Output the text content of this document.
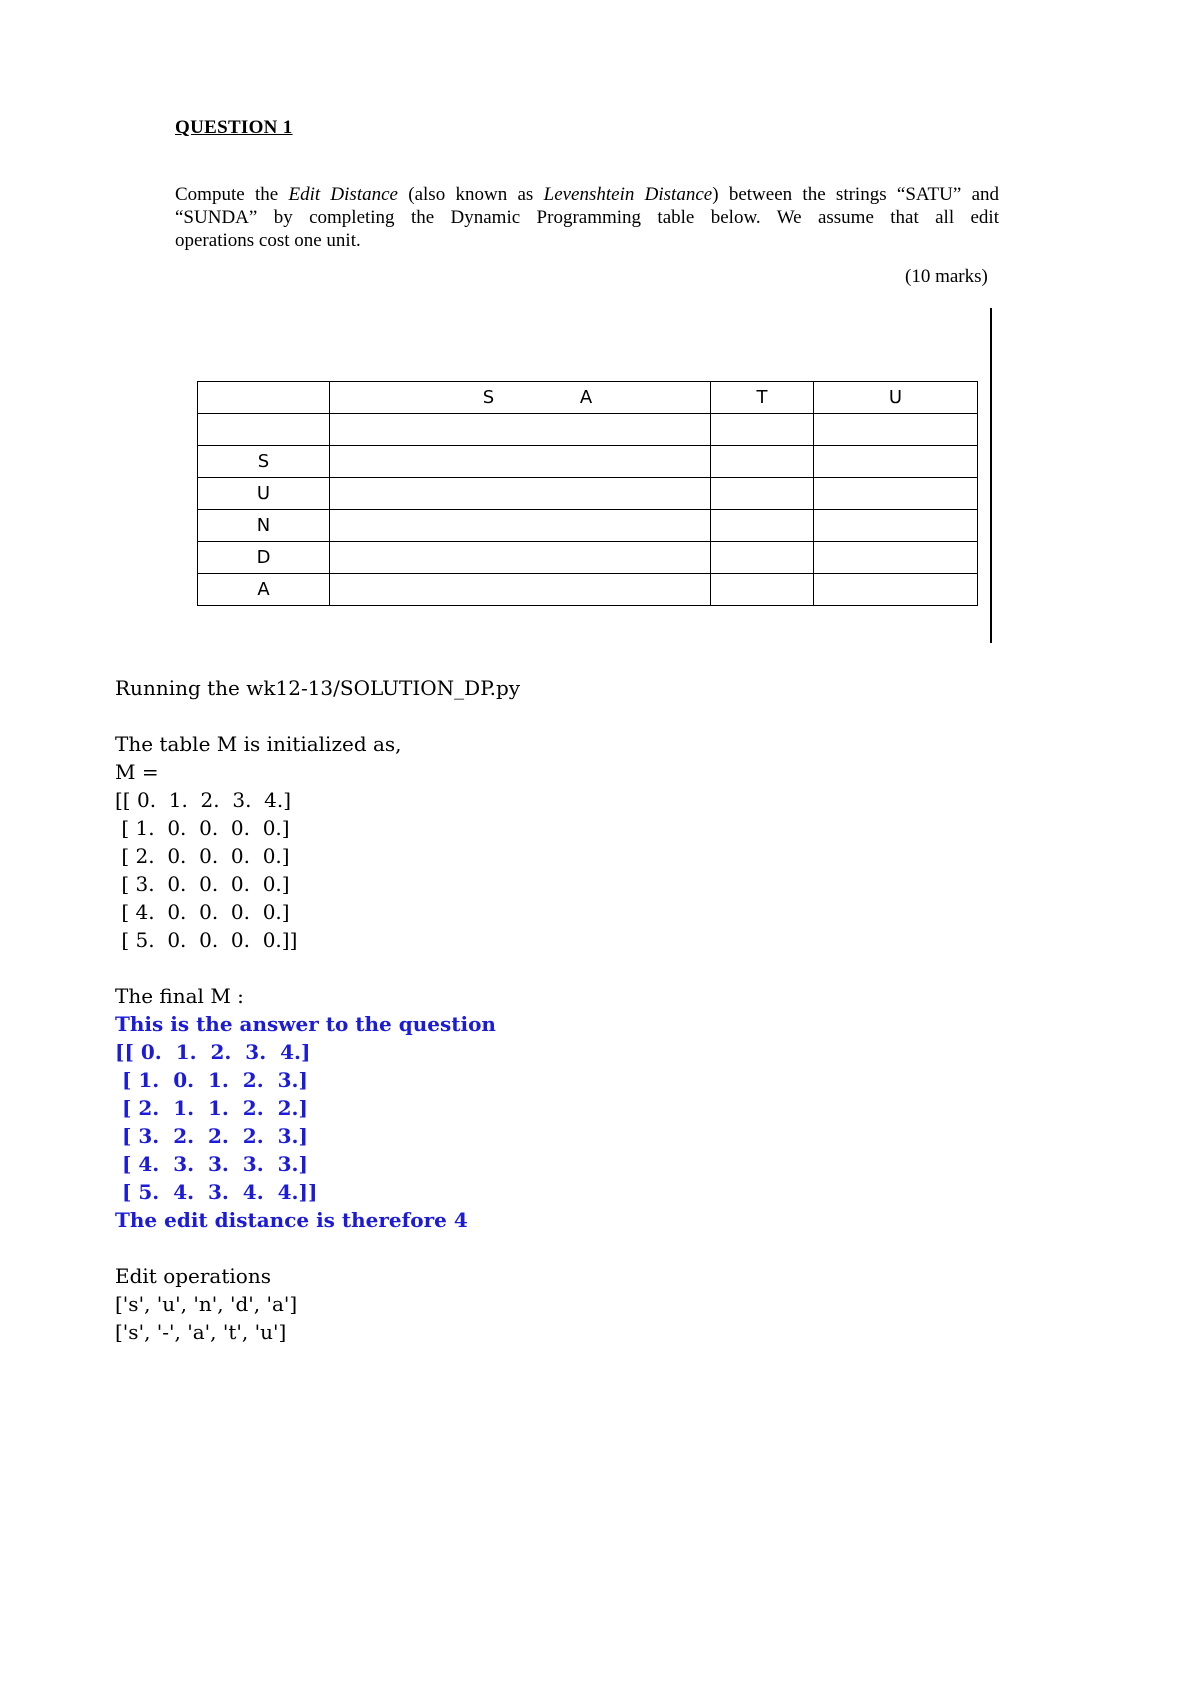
QUESTION 1
Compute the Edit Distance (also known as Levenshtein Distance) between the strings “SATU” and
“SUNDA” by completing the Dynamic Programming table below. We assume that all edit
operations cost one unit.
(10 marks)

	S A	T	U

S			
U			
N			
D			
A			
Running the wk12-13/SOLUTION_DP.py
The table M is initialized as,
M =
[[ 0.  1.  2.  3.  4.]
[ 1.  0.  0.  0.  0.]
[ 2.  0.  0.  0.  0.]
[ 3.  0.  0.  0.  0.]
[ 4.  0.  0.  0.  0.]
[ 5.  0.  0.  0.  0.]]
The final M :
This is the answer to the question
[[ 0.  1.  2.  3.  4.]
[ 1.  0.  1.  2.  3.]
[ 2.  1.  1.  2.  2.]
[ 3.  2.  2.  2.  3.]
[ 4.  3.  3.  3.  3.]
[ 5.  4.  3.  4.  4.]]
The edit distance is therefore 4
Edit operations
['s', 'u', 'n', 'd', 'a']
['s', '-', 'a', 't', 'u']
